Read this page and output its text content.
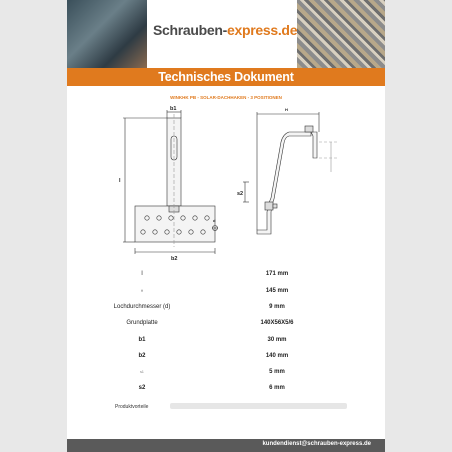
Schrauben-express.de
Technisches Dokument
WINKHK PB - SOLAR-DACHHAKEN - 3 POSITIONEN
b1
l
b2
d
H
s2
l	171 mm
H	145 mm
Lochdurchmesser (d)	9 mm
Grundplatte	140X56X5/6
b1	30 mm
b2	140 mm
s1	5 mm
s2	6 mm
Produktvorteile
kundendienst@schrauben-express.de
